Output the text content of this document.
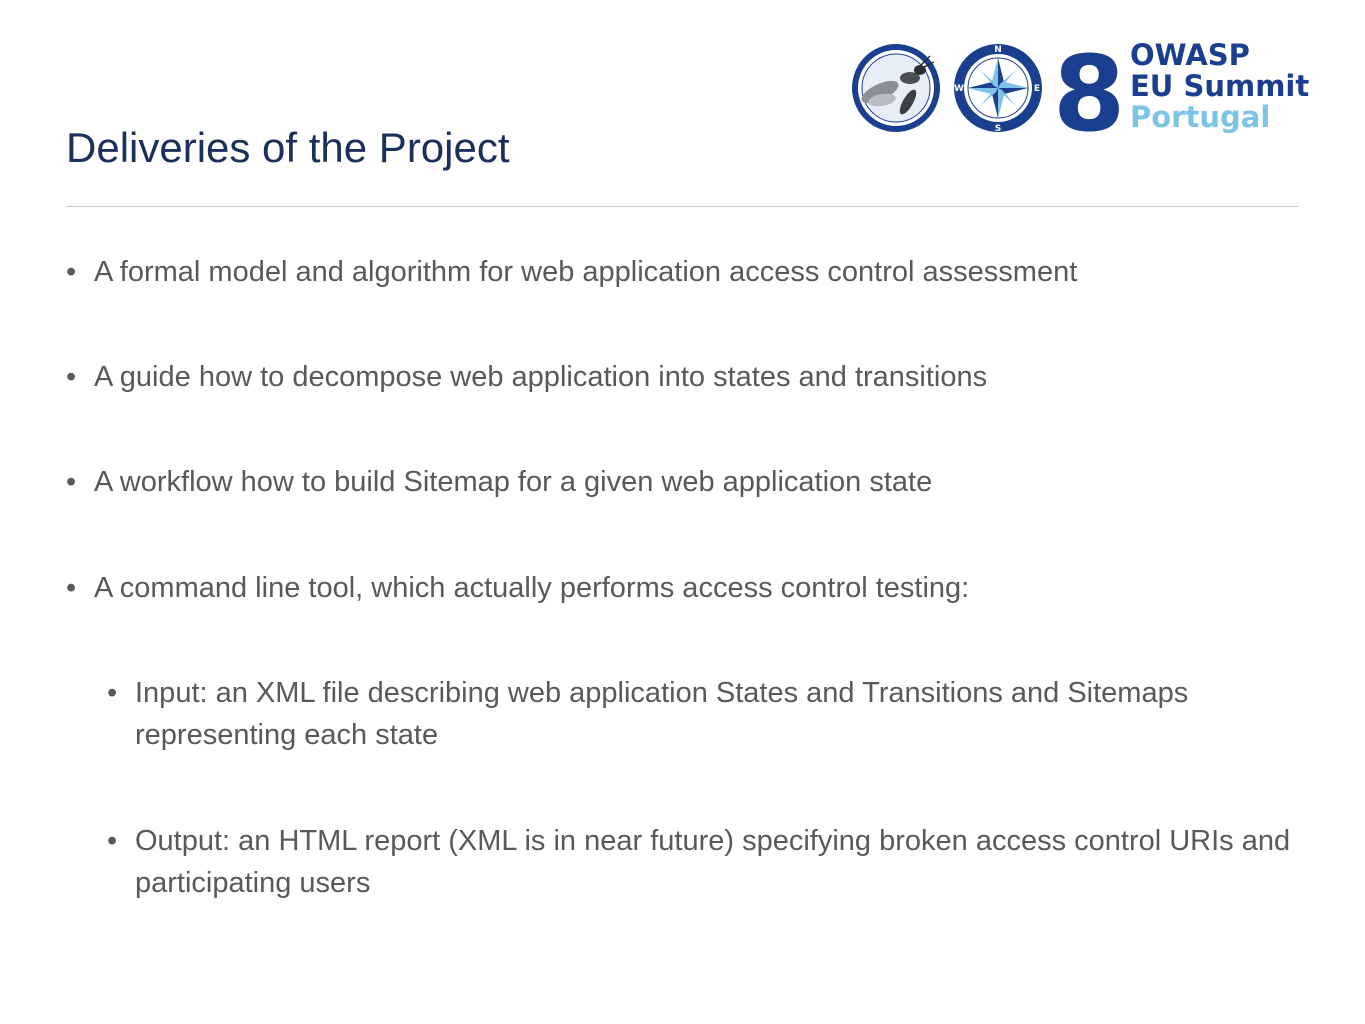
N
E
S
W 8 OWASP
EU Summit
Portugal
Deliveries of the Project
• A formal model and algorithm for web application access control assessment
• A guide how to decompose web application into states and transitions
• A workflow how to build Sitemap for a given web application state
• A command line tool, which actually performs access control testing:
• Input: an XML file describing web application States and Transitions and Sitemaps representing each state
• Output: an HTML report (XML is in near future) specifying broken access control URIs and participating users
